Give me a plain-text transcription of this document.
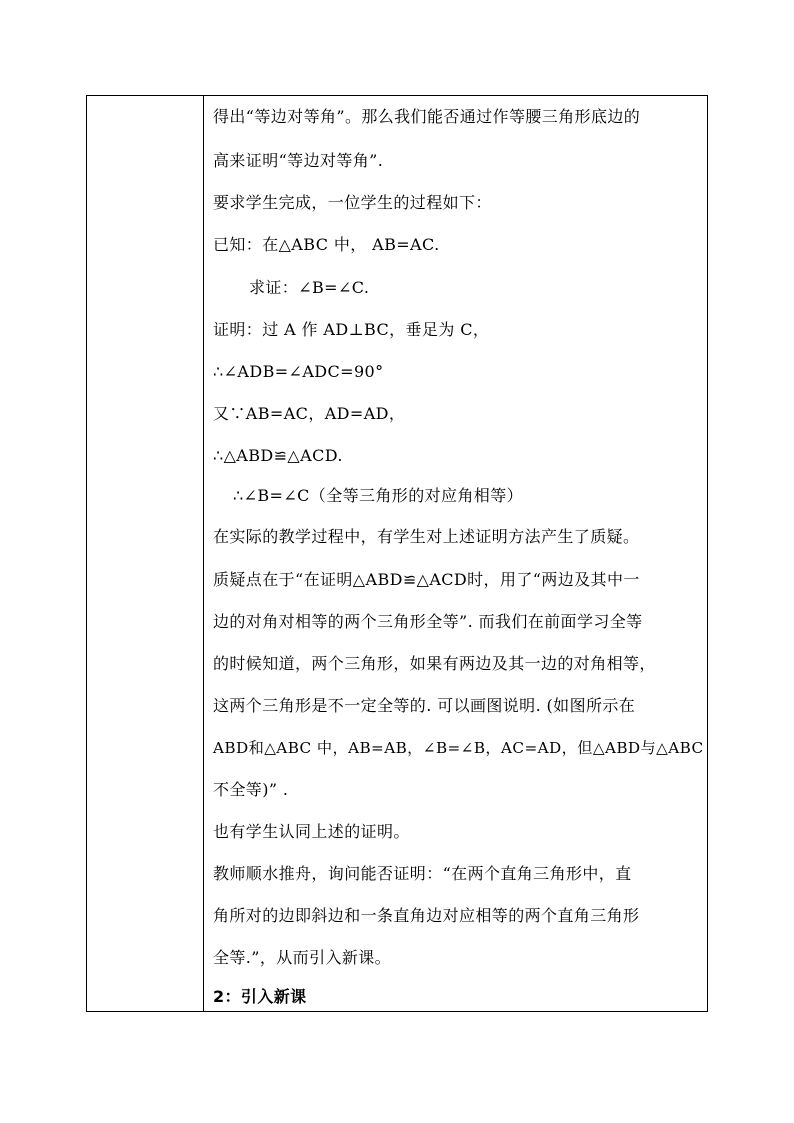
得出“等边对等角”。那么我们能否通过作等腰三角形底边的
高来证明“等边对等角”.
要求学生完成，一位学生的过程如下：
已知：在△ABC 中， AB=AC.
求证：∠B=∠C.
证明：过 A 作 AD⊥BC，垂足为 C，
∴∠ADB=∠ADC=90°
又∵AB=AC，AD=AD，
∴△ABD≌△ACD.
∴∠B=∠C（全等三角形的对应角相等）
在实际的教学过程中，有学生对上述证明方法产生了质疑。
质疑点在于“在证明△ABD≌△ACD时，用了“两边及其中一
边的对角对相等的两个三角形全等”. 而我们在前面学习全等
的时候知道，两个三角形，如果有两边及其一边的对角相等，
这两个三角形是不一定全等的. 可以画图说明. (如图所示在
ABD和△ABC 中，AB=AB，∠B=∠B，AC=AD，但△ABD与△ABC
不全等)” .
也有学生认同上述的证明。
教师顺水推舟，询问能否证明：“在两个直角三角形中，直
角所对的边即斜边和一条直角边对应相等的两个直角三角形
全等.”，从而引入新课。
2：引入新课
